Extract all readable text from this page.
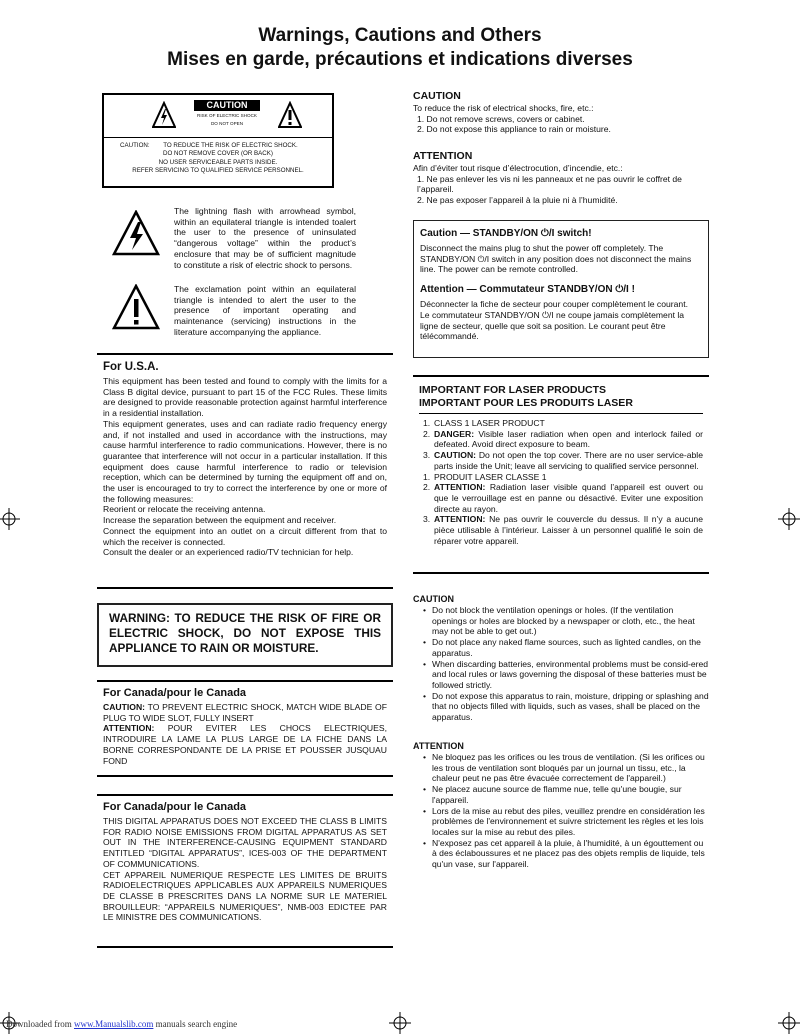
Warnings, Cautions and Others
Mises en garde, précautions et indications diverses
CAUTION
RISK OF ELECTRIC SHOCK
DO NOT OPEN
CAUTION:        TO REDUCE THE RISK OF ELECTRIC SHOCK.
DO NOT REMOVE COVER (OR BACK)
NO USER SERVICEABLE PARTS INSIDE.
REFER SERVICING TO QUALIFIED SERVICE PERSONNEL.

The lightning flash with arrowhead symbol, within an equilateral triangle is intended toalert the user to the presence of uninsulated “dangerous voltage” within the product’s enclosure that may be of sufficient magnitude to constitute a risk of electric shock to persons.

The exclamation point within an equilateral triangle is intended to alert the user to the presence of important operating and maintenance (servicing) instructions in the literature accompanying the appliance.

For U.S.A.

This equipment has been tested and found to comply with the limits for a Class B digital device, pursuant to part 15 of the FCC Rules. These limits are designed to provide reasonable protection against harmful interference in a residential installation.

This equipment generates, uses and can radiate radio frequency energy and, if not installed and used in accordance with the instructions, may cause harmful interference to radio communications. However, there is no guarantee that interference will not occur in a particular installation. If this equipment does cause harmful interference to radio or television reception, which can be determined by turning the equipment off and on, the user is encouraged to try to correct the interference by one or more of the following measures:

Reorient or relocate the receiving antenna.

Increase the separation between the equipment and receiver.

Connect the equipment into an outlet on a circuit different from that to which the receiver is connected.

Consult the dealer or an experienced radio/TV technician for help.

WARNING: TO REDUCE THE RISK OF FIRE OR ELECTRIC SHOCK, DO NOT EXPOSE THIS APPLIANCE TO RAIN OR MOISTURE.

For Canada/pour le Canada

CAUTION: TO PREVENT ELECTRIC SHOCK, MATCH WIDE BLADE OF PLUG TO WIDE SLOT, FULLY INSERT

ATTENTION: POUR EVITER LES CHOCS ELECTRIQUES, INTRODUIRE LA LAME LA PLUS LARGE DE LA FICHE DANS LA BORNE CORRESPONDANTE DE LA PRISE ET POUSSER JUSQUAU FOND

For Canada/pour le Canada

THIS DIGITAL APPARATUS DOES NOT EXCEED THE CLASS B LIMITS FOR RADIO NOISE EMISSIONS FROM DIGITAL APPARATUS AS SET OUT IN THE INTERFERENCE-CAUSING EQUIPMENT STANDARD ENTITLED “DIGITAL APPARATUS”, ICES-003 OF THE DEPARTMENT OF COMMUNICATIONS.

CET APPAREIL NUMERIQUE RESPECTE LES LIMITES DE BRUITS RADIOELECTRIQUES APPLICABLES AUX APPAREILS NUMERIQUES DE CLASSE B PRESCRITES DANS LA NORME SUR LE MATERIEL BROUILLEUR: “APPAREILS NUMERIQUES”, NMB-003 EDICTEE PAR LE MINISTRE DES COMMUNICATIONS.

CAUTION

To reduce the risk of electrical shocks, fire, etc.:

1. Do not remove screws, covers or cabinet.

2. Do not expose this appliance to rain or moisture.

ATTENTION

Afin d’éviter tout risque d’électrocution, d’incendie, etc.:

1. Ne pas enlever les vis ni les panneaux et ne pas ouvrir le coffret de l’appareil.

2. Ne pas exposer l’appareil à la pluie ni à l’humidité.

Caution — STANDBY/ON ⏻/I switch!

Disconnect the mains plug to shut the power off completely. The STANDBY/ON ⏻/I switch in any position does not disconnect the mains line. The power can be remote controlled.

Attention — Commutateur STANDBY/ON ⏻/I !

Déconnecter la fiche de secteur pour couper complètement le courant.

Le commutateur STANDBY/ON ⏻/I ne coupe jamais complètement la ligne de secteur, quelle que soit sa position. Le courant peut être télécommandé.

IMPORTANT FOR LASER PRODUCTS
IMPORTANT POUR LES PRODUITS LASER
1. CLASS 1 LASER PRODUCT
2. DANGER: Visible laser radiation when open and interlock failed or defeated. Avoid direct exposure to beam.
3. CAUTION: Do not open the top cover. There are no user service-able parts inside the Unit; leave all servicing to qualified service personnel.
1. PRODUIT LASER CLASSE 1
2. ATTENTION: Radiation laser visible quand l’appareil est ouvert ou que le verrouillage est en panne ou désactivé. Eviter une exposition directe au rayon.
3. ATTENTION: Ne pas ouvrir le couvercle du dessus. Il n’y a aucune pièce utilisable à l’intérieur. Laisser à un personnel qualifié le soin de réparer votre appareil.
CAUTION
• Do not block the ventilation openings or holes. (If the ventilation openings or holes are blocked by a newspaper or cloth, etc., the heat may not be able to get out.)
• Do not place any naked flame sources, such as lighted candles, on the apparatus.
• When discarding batteries, environmental problems must be consid-ered and local rules or laws governing the disposal of these batteries must be followed strictly.
• Do not expose this apparatus to rain, moisture, dripping or splashing and that no objects filled with liquids, such as vases, shall be placed on the apparatus.
ATTENTION
• Ne bloquez pas les orifices ou les trous de ventilation. (Si les orifices ou les trous de ventilation sont bloqués par un journal un tissu, etc., la chaleur peut ne pas être évacuée correctement de l'appareil.)
• Ne placez aucune source de flamme nue, telle qu'une bougie, sur l'appareil.
• Lors de la mise au rebut des piles, veuillez prendre en considération les problèmes de l'environnement et suivre strictement les règles et les lois locales sur la mise au rebut des piles.
• N'exposez pas cet appareil à la pluie, à l'humidité, à un égouttement ou à des éclaboussures et ne placez pas des objets remplis de liquide, tels qu'un vase, sur l'appareil.
Downloaded from www.Manualslib.com manuals search engine
